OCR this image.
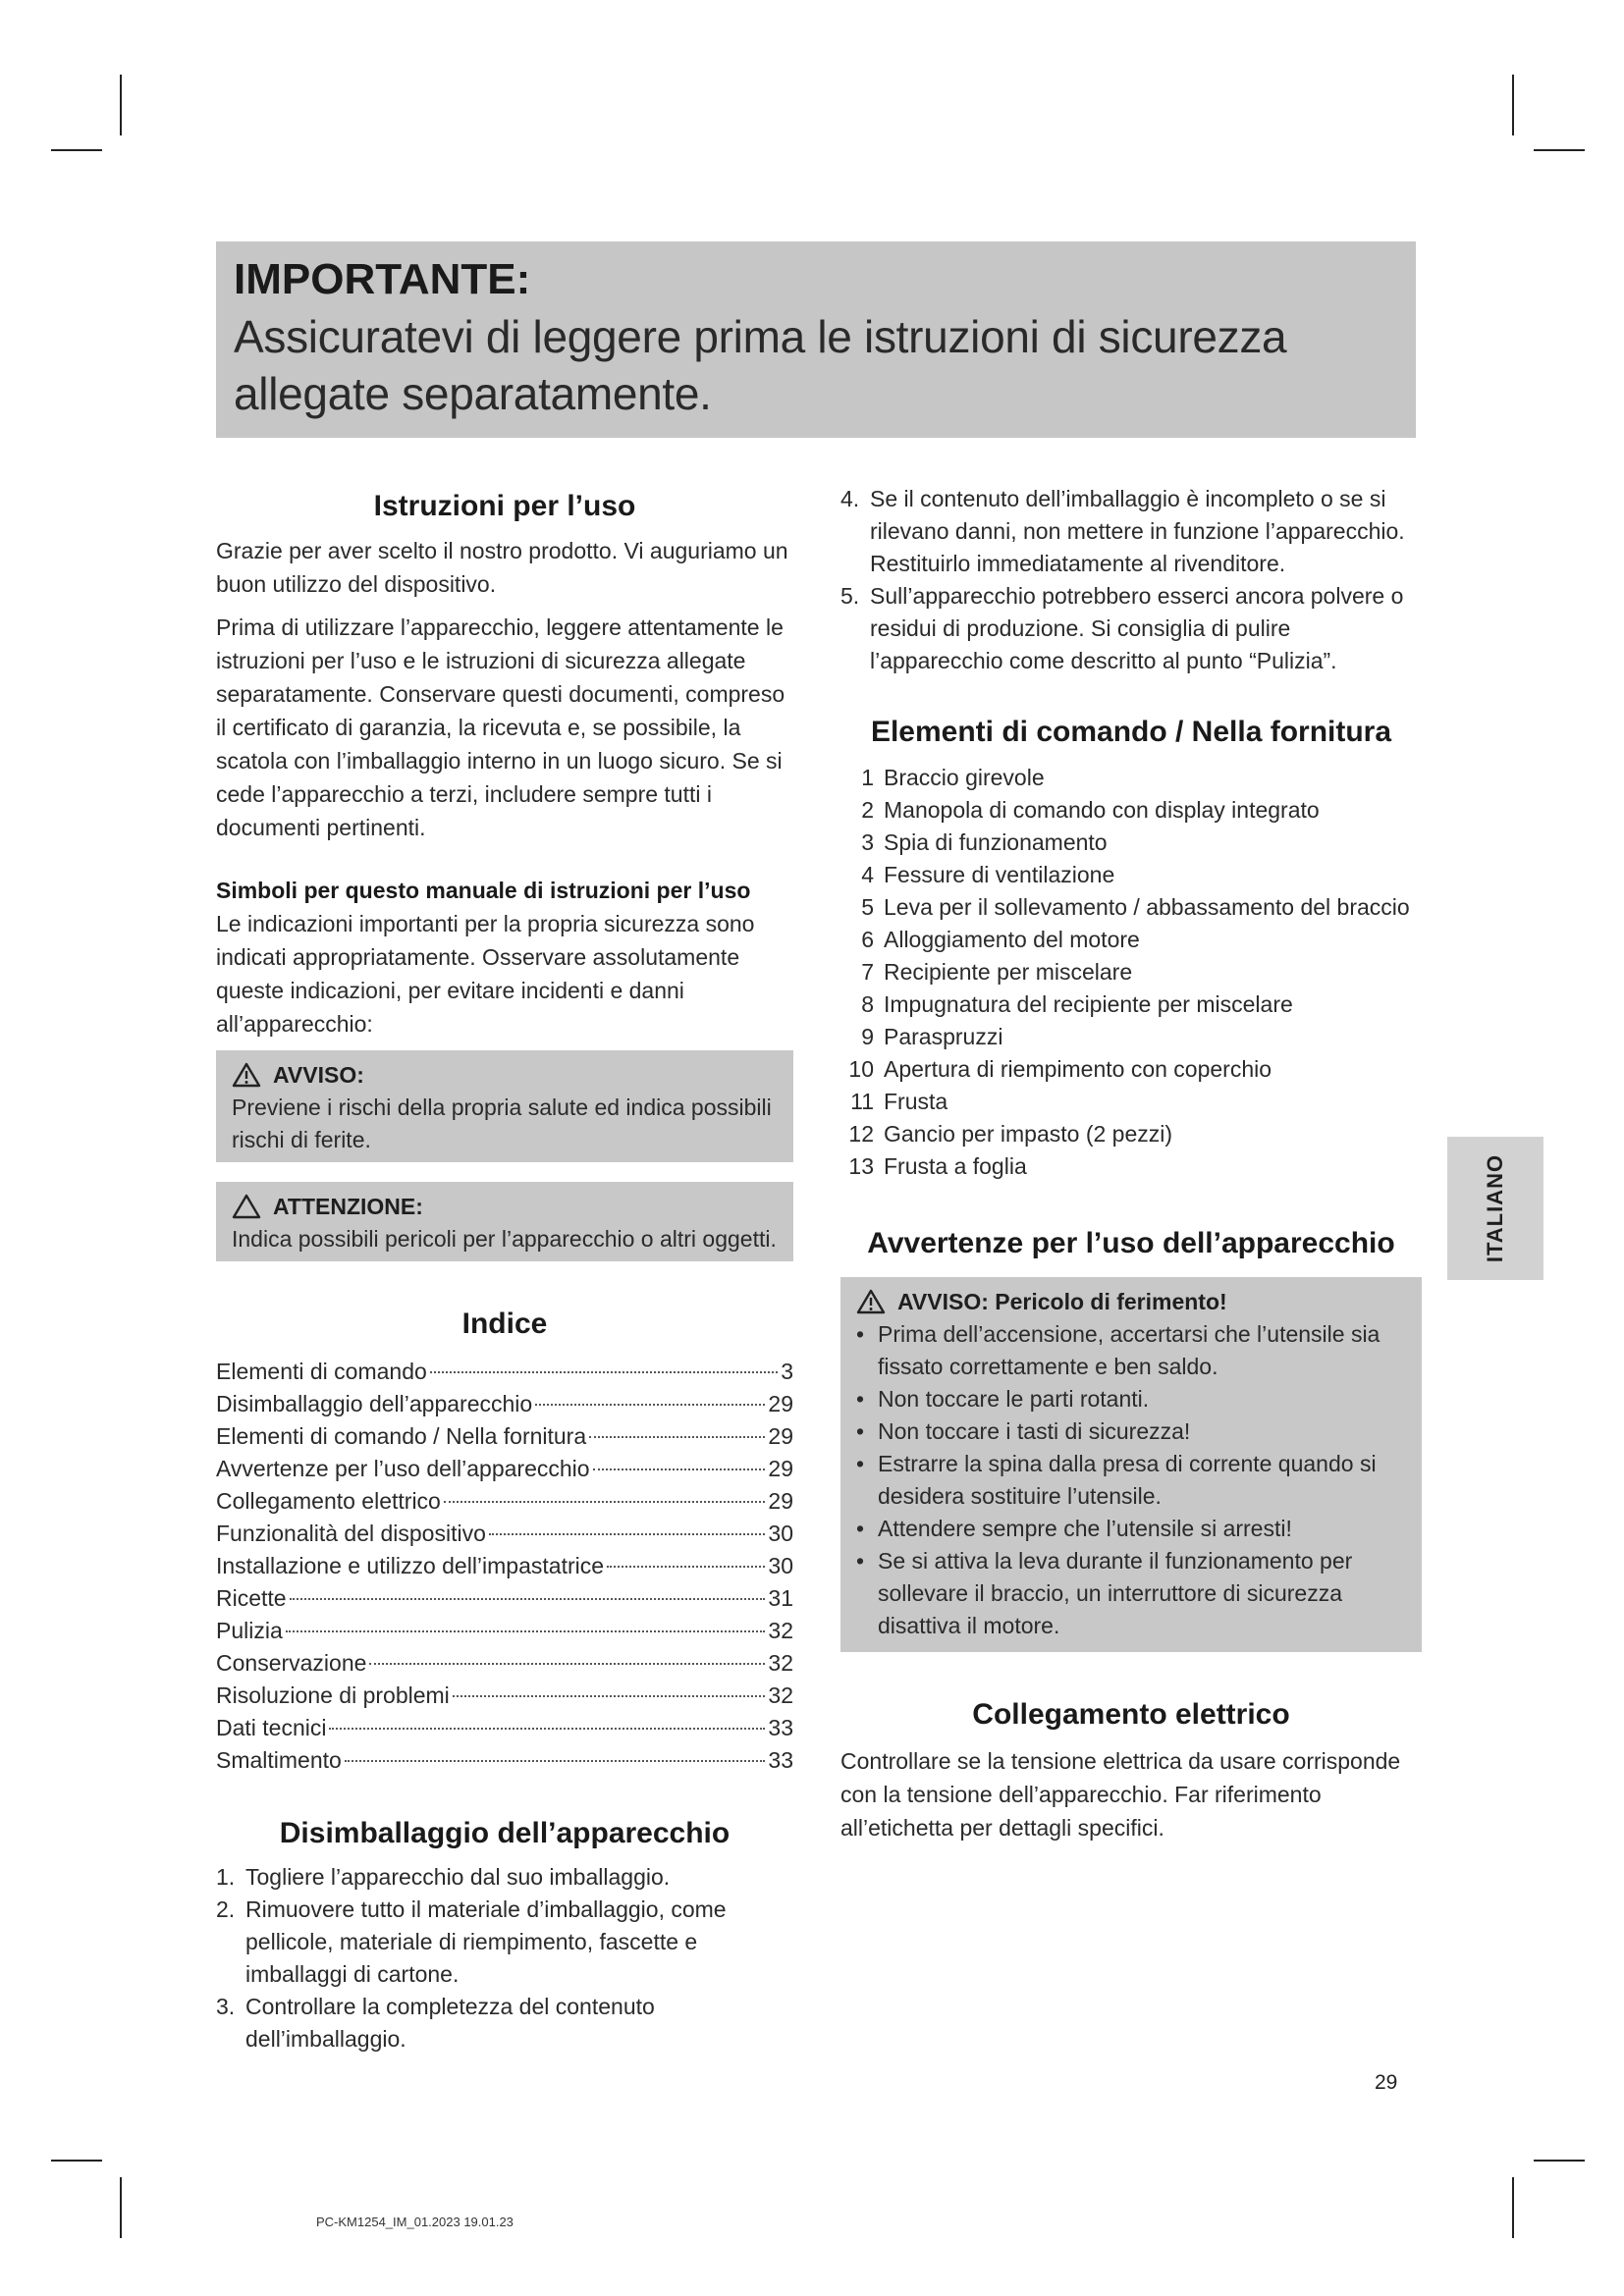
IMPORTANTE:
Assicuratevi di leggere prima le istruzioni di sicurezza allegate separatamente.
Istruzioni per l’uso

Grazie per aver scelto il nostro prodotto. Vi auguriamo un buon utilizzo del dispositivo.

Prima di utilizzare l’apparecchio, leggere attentamente le istruzioni per l’uso e le istruzioni di sicurezza allegate separatamente. Conservare questi documenti, compreso il certificato di garanzia, la ricevuta e, se possibile, la scatola con l’imballaggio interno in un luogo sicuro. Se si cede l’apparecchio a terzi, includere sempre tutti i documenti pertinenti.

Simboli per questo manuale di istruzioni per l’uso

Le indicazioni importanti per la propria sicurezza sono indicati appropriatamente. Osservare assolutamente queste indicazioni, per evitare incidenti e danni all’apparecchio:

AVVISO:

Previene i rischi della propria salute ed indica possibili rischi di ferite.

ATTENZIONE:

Indica possibili pericoli per l’apparecchio o altri oggetti.

Indice
Elementi di comando	3
Disimballaggio dell’apparecchio	29
Elementi di comando / Nella fornitura	29
Avvertenze per l’uso dell’apparecchio	29
Collegamento elettrico	29
Funzionalità del dispositivo	30
Installazione e utilizzo dell’impastatrice	30
Ricette	31
Pulizia	32
Conservazione	32
Risoluzione di problemi	32
Dati tecnici	33
Smaltimento	33
Disimballaggio dell’apparecchio
1. Togliere l’apparecchio dal suo imballaggio.
2. Rimuovere tutto il materiale d’imballaggio, come pellicole, materiale di riempimento, fascette e imballaggi di cartone.
3. Controllare la completezza del contenuto dell’imballaggio.
4. Se il contenuto dell’imballaggio è incompleto o se si rilevano danni, non mettere in funzione l’apparecchio. Restituirlo immediatamente al rivenditore.
5. Sull’apparecchio potrebbero esserci ancora polvere o residui di produzione. Si consiglia di pulire l’apparecchio come descritto al punto “Pulizia”.
Elementi di comando / Nella fornitura
1 Braccio girevole
2 Manopola di comando con display integrato
3 Spia di funzionamento
4 Fessure di ventilazione
5 Leva per il sollevamento / abbassamento del braccio
6 Alloggiamento del motore
7 Recipiente per miscelare
8 Impugnatura del recipiente per miscelare
9 Paraspruzzi
10 Apertura di riempimento con coperchio
11 Frusta
12 Gancio per impasto (2 pezzi)
13 Frusta a foglia
Avvertenze per l’uso dell’apparecchio
AVVISO: Pericolo di ferimento!
• Prima dell’accensione, accertarsi che l’utensile sia fissato correttamente e ben saldo.
• Non toccare le parti rotanti.
• Non toccare i tasti di sicurezza!
• Estrarre la spina dalla presa di corrente quando si desidera sostituire l’utensile.
• Attendere sempre che l’utensile si arresti!
• Se si attiva la leva durante il funzionamento per sollevare il braccio, un interruttore di sicurezza disattiva il motore.
Collegamento elettrico

Controllare se la tensione elettrica da usare corrisponde con la tensione dell’apparecchio. Far riferimento all’etichetta per dettagli specifici.

ITALIANO
29
PC-KM1254_IM_01.2023 19.01.23
